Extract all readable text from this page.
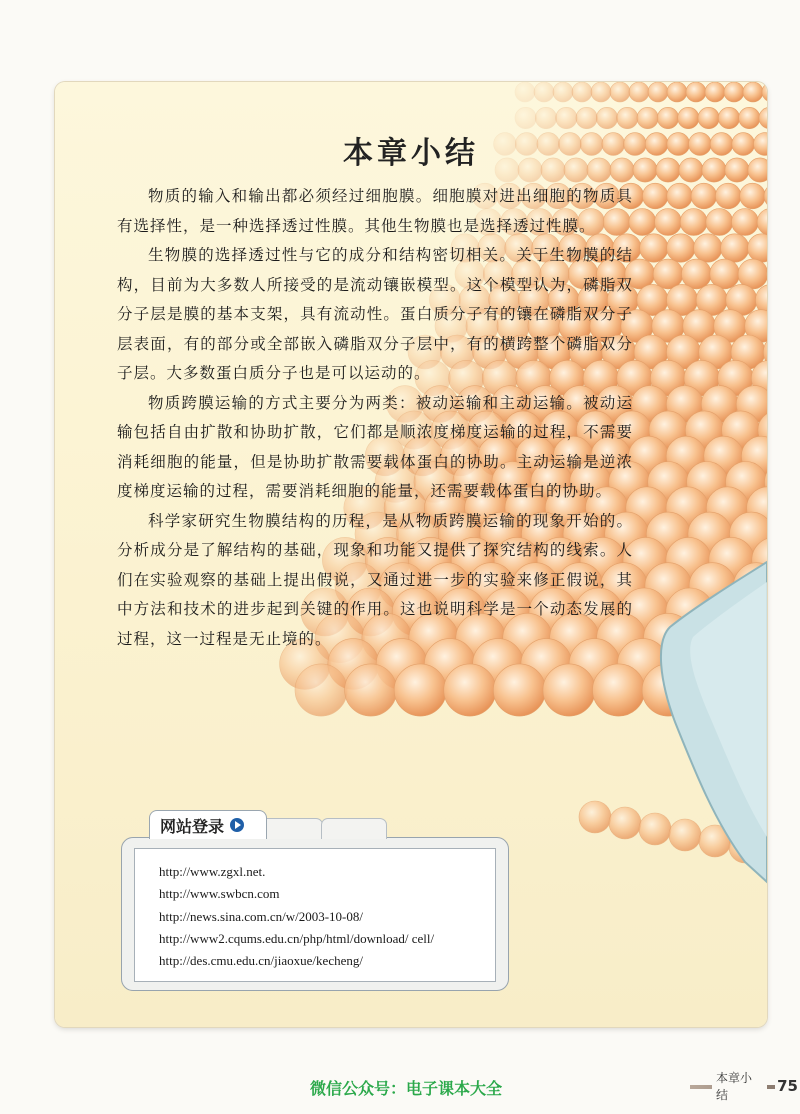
本章小结

物质的输入和输出都必须经过细胞膜。细胞膜对进出细胞的物质具有选择性，是一种选择透过性膜。其他生物膜也是选择透过性膜。

生物膜的选择透过性与它的成分和结构密切相关。关于生物膜的结构，目前为大多数人所接受的是流动镶嵌模型。这个模型认为，磷脂双分子层是膜的基本支架，具有流动性。蛋白质分子有的镶在磷脂双分子层表面，有的部分或全部嵌入磷脂双分子层中，有的横跨整个磷脂双分子层。大多数蛋白质分子也是可以运动的。

物质跨膜运输的方式主要分为两类：被动运输和主动运输。被动运输包括自由扩散和协助扩散，它们都是顺浓度梯度运输的过程，不需要消耗细胞的能量，但是协助扩散需要载体蛋白的协助。主动运输是逆浓度梯度运输的过程，需要消耗细胞的能量，还需要载体蛋白的协助。

科学家研究生物膜结构的历程，是从物质跨膜运输的现象开始的。分析成分是了解结构的基础，现象和功能又提供了探究结构的线索。人们在实验观察的基础上提出假说，又通过进一步的实验来修正假说，其中方法和技术的进步起到关键的作用。这也说明科学是一个动态发展的过程，这一过程是无止境的。

http://www.zgxl.net.
http://www.swbcn.com
http://news.sina.com.cn/w/2003-10-08/
http://www2.cqums.edu.cn/php/html/download/ cell/
http://des.cmu.edu.cn/jiaoxue/kecheng/
网站登录
微信公众号：电子课本大全
本章小结	75
